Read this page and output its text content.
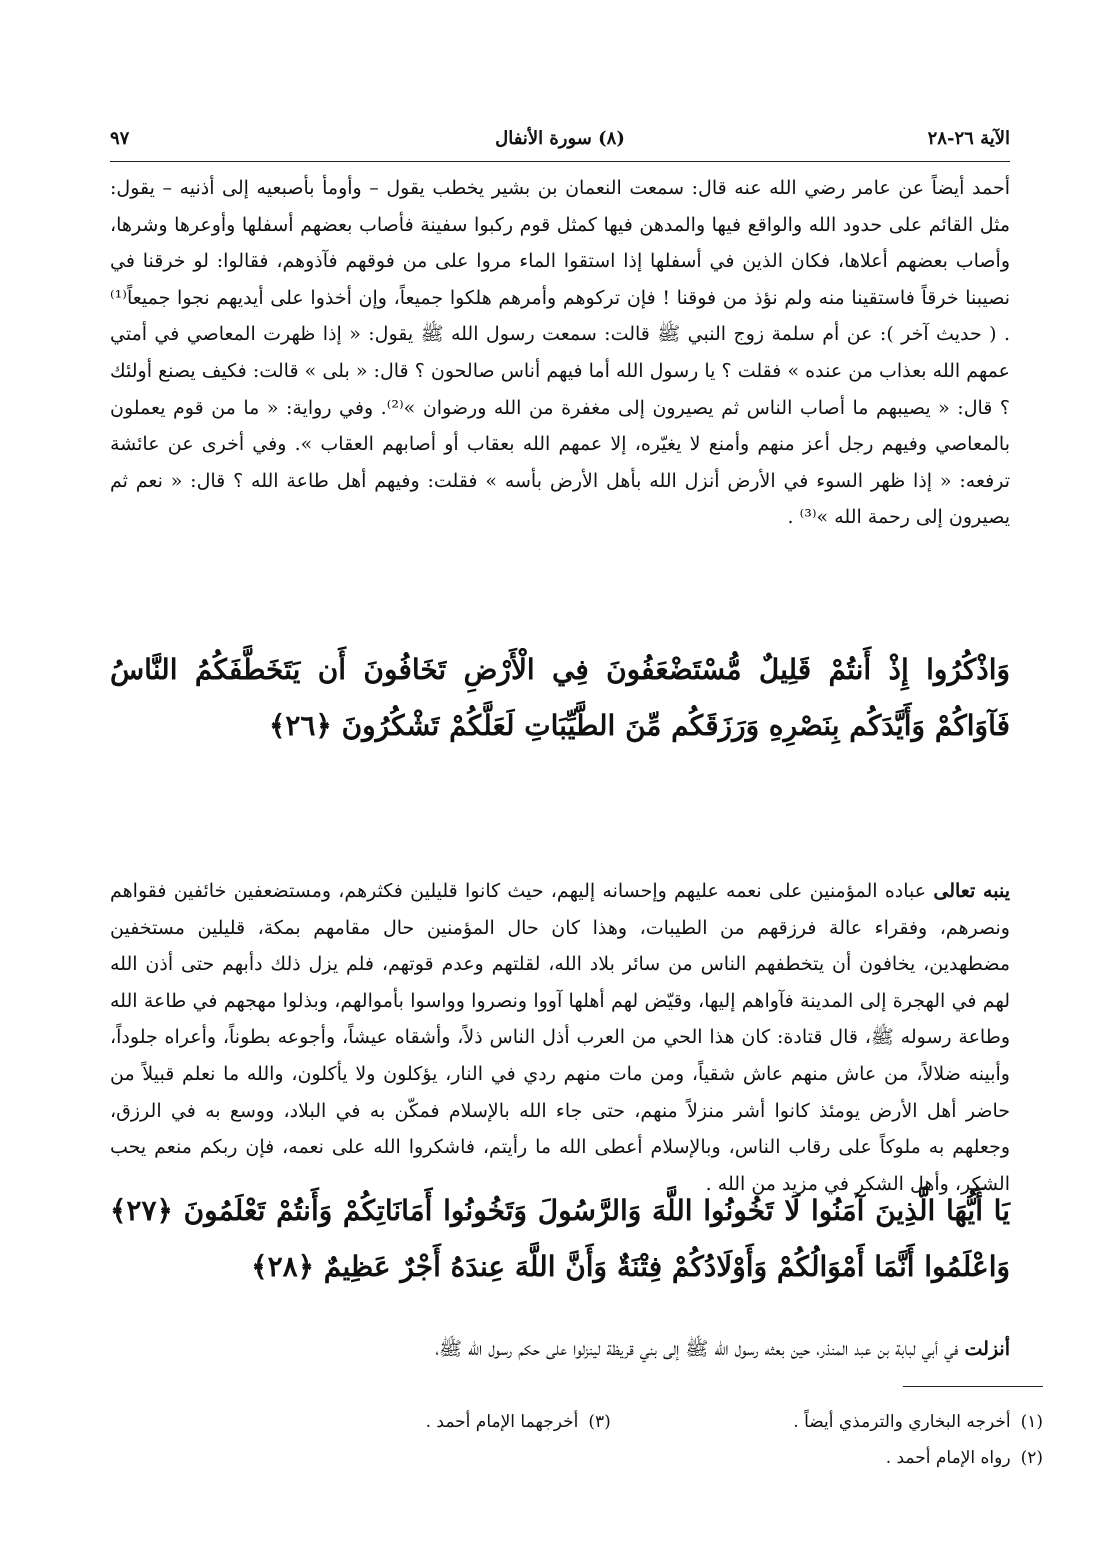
الآية ٢٦-٢٨
(٨) سورة الأنفال
٩٧
أحمد أيضاً عن عامر رضي الله عنه قال: سمعت النعمان بن بشير يخطب يقول – وأومأ بأصبعيه إلى أذنيه – يقول: مثل القائم على حدود الله والواقع فيها والمدهن فيها كمثل قوم ركبوا سفينة فأصاب بعضهم أسفلها وأوعرها وشرها، وأصاب بعضهم أعلاها، فكان الذين في أسفلها إذا استقوا الماء مروا على من فوقهم فآذوهم، فقالوا: لو خرقنا في نصيبنا خرقاً فاستقينا منه ولم نؤذ من فوقنا ! فإن تركوهم وأمرهم هلكوا جميعاً، وإن أخذوا على أيديهم نجوا جميعاً⁽¹⁾ . ( حديث آخر ): عن أم سلمة زوج النبي ﷺ قالت: سمعت رسول الله ﷺ يقول: « إذا ظهرت المعاصي في أمتي عمهم الله بعذاب من عنده » فقلت ؟ يا رسول الله أما فيهم أناس صالحون ؟ قال: « بلى » قالت: فكيف يصنع أولئك ؟ قال: « يصيبهم ما أصاب الناس ثم يصيرون إلى مغفرة من الله ورضوان »⁽²⁾. وفي رواية: « ما من قوم يعملون بالمعاصي وفيهم رجل أعز منهم وأمنع لا يغيّره، إلا عمهم الله بعقاب أو أصابهم العقاب ». وفي أخرى عن عائشة ترفعه: « إذا ظهر السوء في الأرض أنزل الله بأهل الأرض بأسه » فقلت: وفيهم أهل طاعة الله ؟ قال: « نعم ثم يصيرون إلى رحمة الله »⁽³⁾ .
وَاذْكُرُوا إِذْ أَنتُمْ قَلِيلٌ مُّسْتَضْعَفُونَ فِي الْأَرْضِ تَخَافُونَ أَن يَتَخَطَّفَكُمُ النَّاسُ فَآوَاكُمْ وَأَيَّدَكُم بِنَصْرِهِ وَرَزَقَكُم مِّنَ الطَّيِّبَاتِ لَعَلَّكُمْ تَشْكُرُونَ ﴿٢٦﴾
ينبه تعالى عباده المؤمنين على نعمه عليهم وإحسانه إليهم، حيث كانوا قليلين فكثرهم، ومستضعفين خائفين فقواهم ونصرهم، وفقراء عالة فرزقهم من الطيبات، وهذا كان حال المؤمنين حال مقامهم بمكة، قليلين مستخفين مضطهدين، يخافون أن يتخطفهم الناس من سائر بلاد الله، لقلتهم وعدم قوتهم، فلم يزل ذلك دأبهم حتى أذن الله لهم في الهجرة إلى المدينة فآواهم إليها، وقيّض لهم أهلها آووا ونصروا وواسوا بأموالهم، وبذلوا مهجهم في طاعة الله وطاعة رسوله ﷺ، قال قتادة: كان هذا الحي من العرب أذل الناس ذلاً، وأشقاه عيشاً، وأجوعه بطوناً، وأعراه جلوداً، وأبينه ضلالاً، من عاش منهم عاش شقياً، ومن مات منهم ردي في النار، يؤكلون ولا يأكلون، والله ما نعلم قبيلاً من حاضر أهل الأرض يومئذ كانوا أشر منزلاً منهم، حتى جاء الله بالإسلام فمكّن به في البلاد، ووسع به في الرزق، وجعلهم به ملوكاً على رقاب الناس، وبالإسلام أعطى الله ما رأيتم، فاشكروا الله على نعمه، فإن ربكم منعم يحب الشكر، وأهل الشكر في مزيد من الله .
يَا أَيُّهَا الَّذِينَ آمَنُوا لَا تَخُونُوا اللَّهَ وَالرَّسُولَ وَتَخُونُوا أَمَانَاتِكُمْ وَأَنتُمْ تَعْلَمُونَ ﴿٢٧﴾ وَاعْلَمُوا أَنَّمَا أَمْوَالُكُمْ وَأَوْلَادُكُمْ فِتْنَةٌ وَأَنَّ اللَّهَ عِندَهُ أَجْرٌ عَظِيمٌ ﴿٢٨﴾
أنزلت في أبي لبابة بن عبد المنذر، حين بعثه رسول الله ﷺ إلى بني قريظة لينزلوا على حكم رسول الله ﷺ،
(١)أخرجه البخاري والترمذي أيضاً .
(٣)أخرجهما الإمام أحمد .
(٢)رواه الإمام أحمد .
